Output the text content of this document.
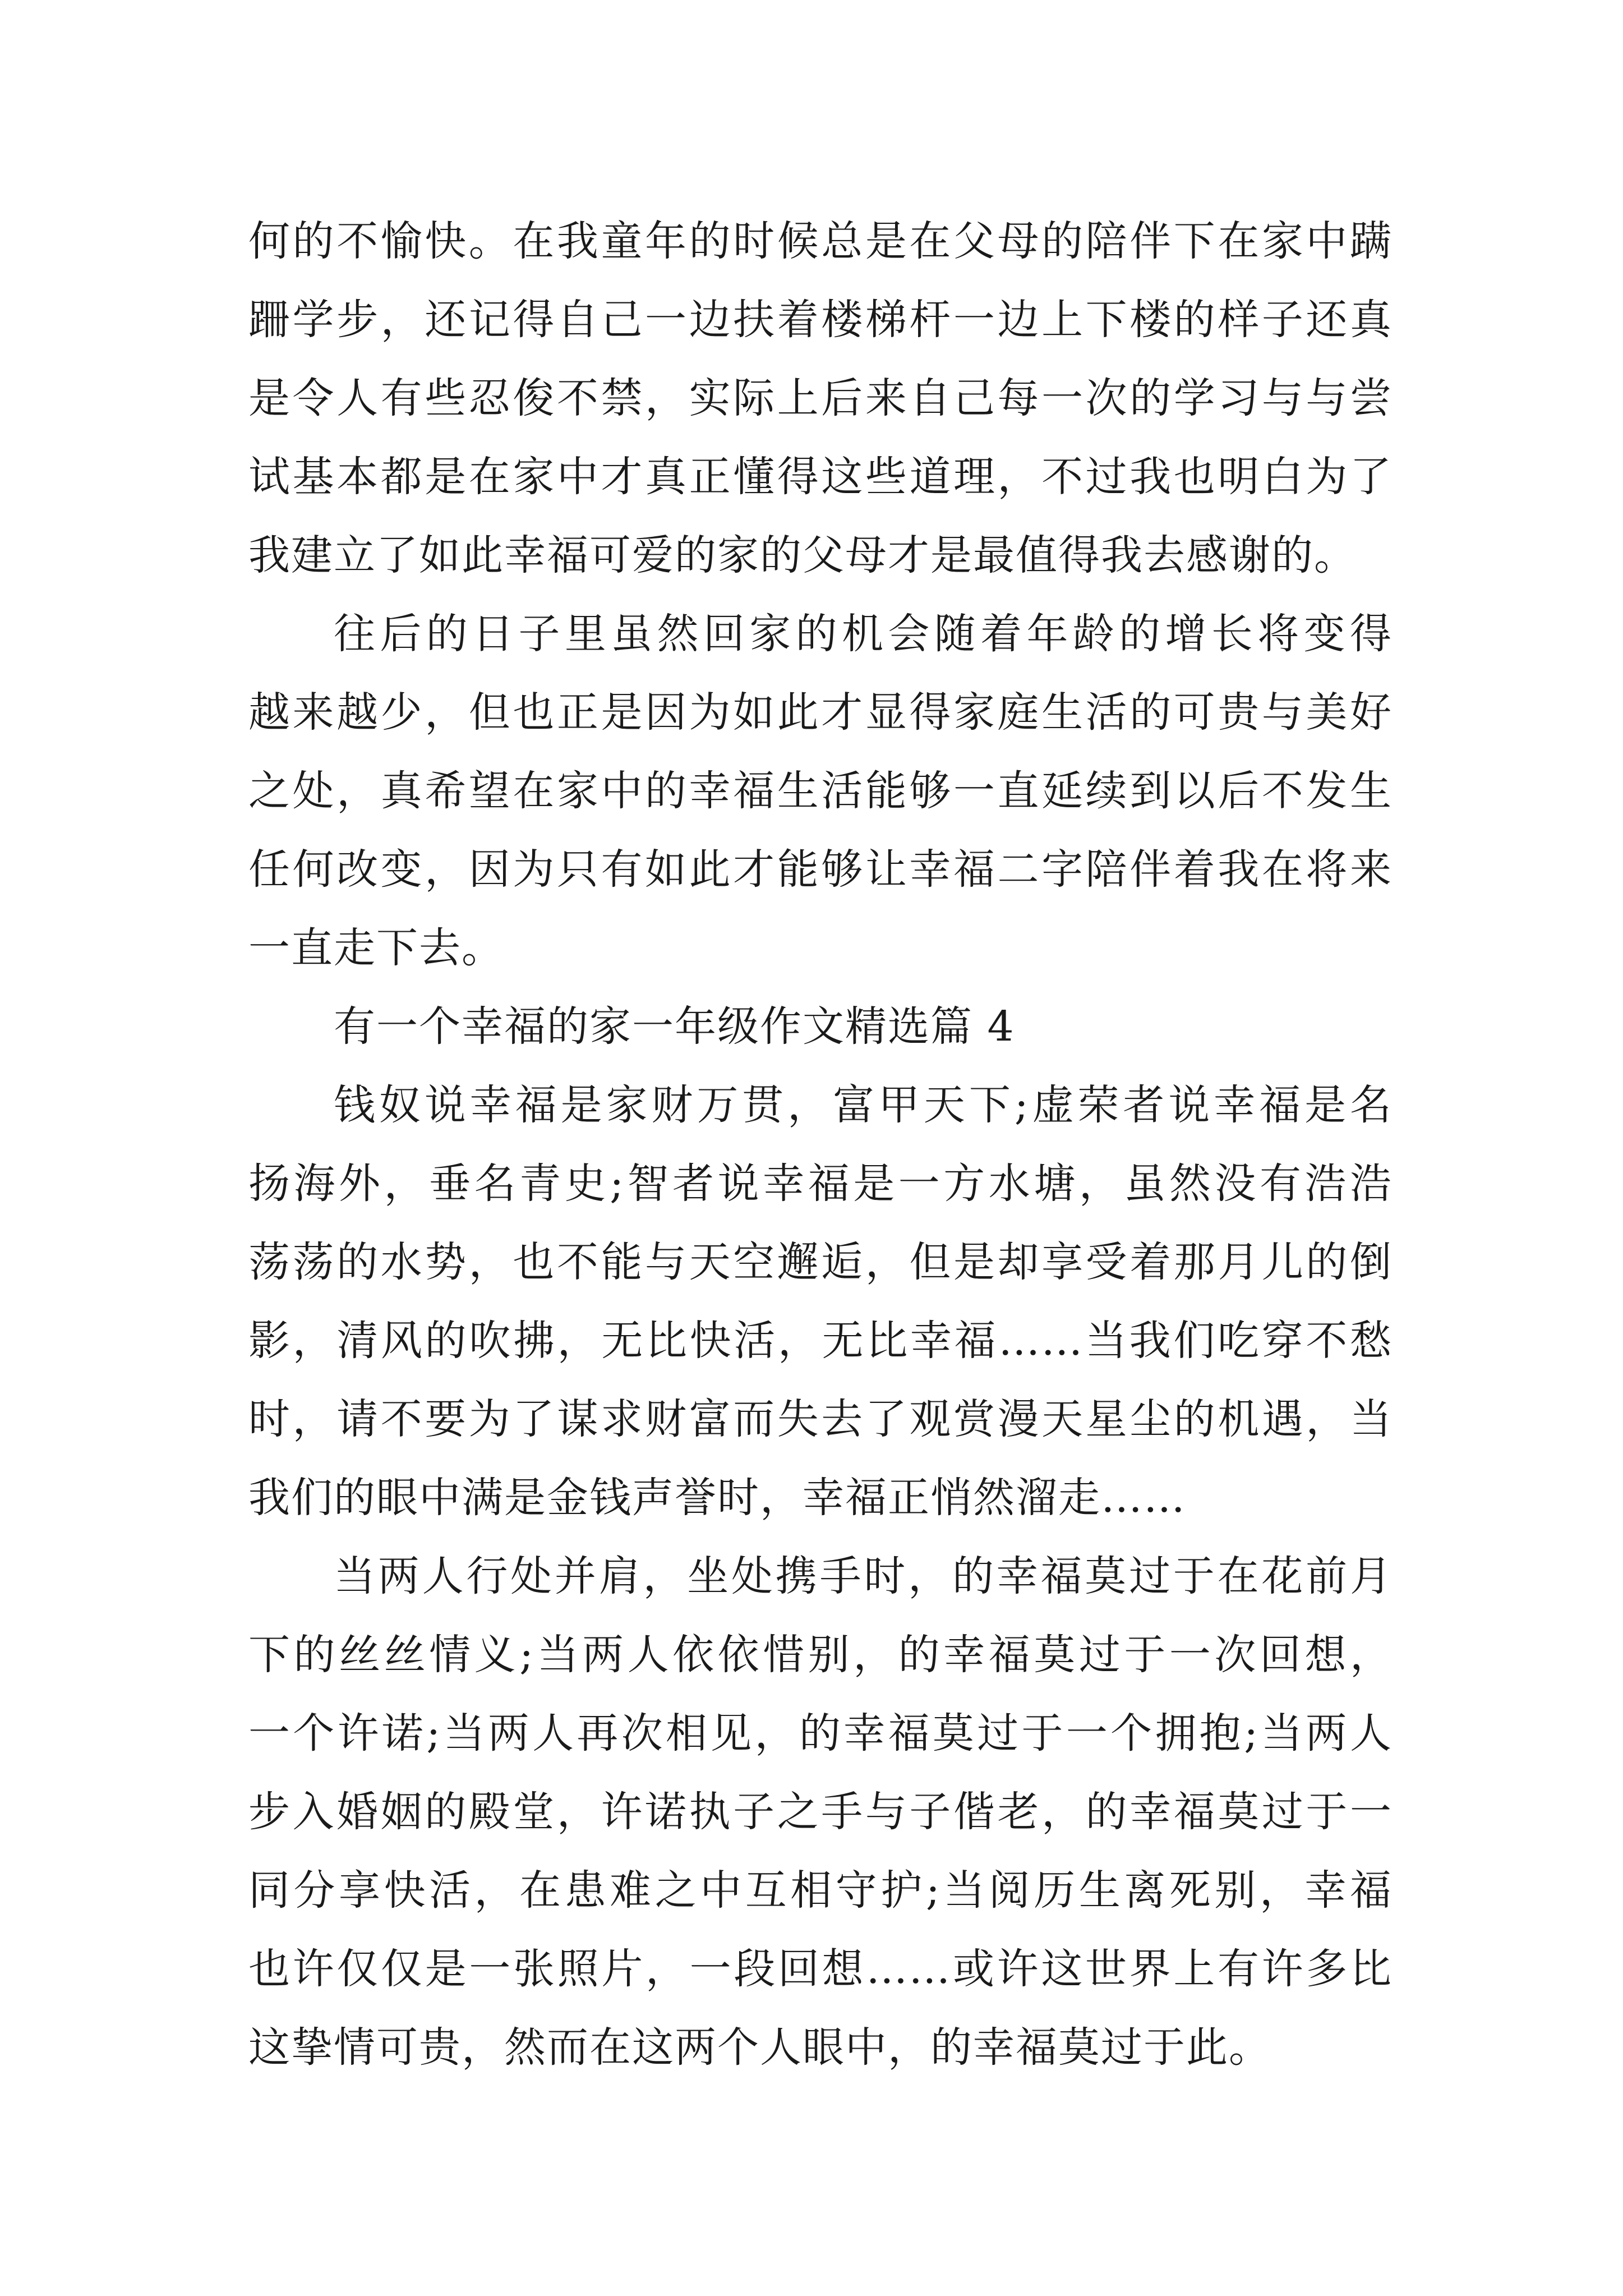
何的不愉快。在我童年的时候总是在父母的陪伴下在家中蹒
跚学步，还记得自己一边扶着楼梯杆一边上下楼的样子还真
是令人有些忍俊不禁，实际上后来自己每一次的学习与与尝
试基本都是在家中才真正懂得这些道理，不过我也明白为了
我建立了如此幸福可爱的家的父母才是最值得我去感谢的。
往后的日子里虽然回家的机会随着年龄的增长将变得
越来越少，但也正是因为如此才显得家庭生活的可贵与美好
之处，真希望在家中的幸福生活能够一直延续到以后不发生
任何改变，因为只有如此才能够让幸福二字陪伴着我在将来
一直走下去。
有一个幸福的家一年级作文精选篇 4
钱奴说幸福是家财万贯，富甲天下;虚荣者说幸福是名
扬海外，垂名青史;智者说幸福是一方水塘，虽然没有浩浩
荡荡的水势，也不能与天空邂逅，但是却享受着那月儿的倒
影，清风的吹拂，无比快活，无比幸福……当我们吃穿不愁
时，请不要为了谋求财富而失去了观赏漫天星尘的机遇，当
我们的眼中满是金钱声誉时，幸福正悄然溜走……
当两人行处并肩，坐处携手时，的幸福莫过于在花前月
下的丝丝情义;当两人依依惜别，的幸福莫过于一次回想，
一个许诺;当两人再次相见，的幸福莫过于一个拥抱;当两人
步入婚姻的殿堂，许诺执子之手与子偕老，的幸福莫过于一
同分享快活，在患难之中互相守护;当阅历生离死别，幸福
也许仅仅是一张照片，一段回想……或许这世界上有许多比
这挚情可贵，然而在这两个人眼中，的幸福莫过于此。
